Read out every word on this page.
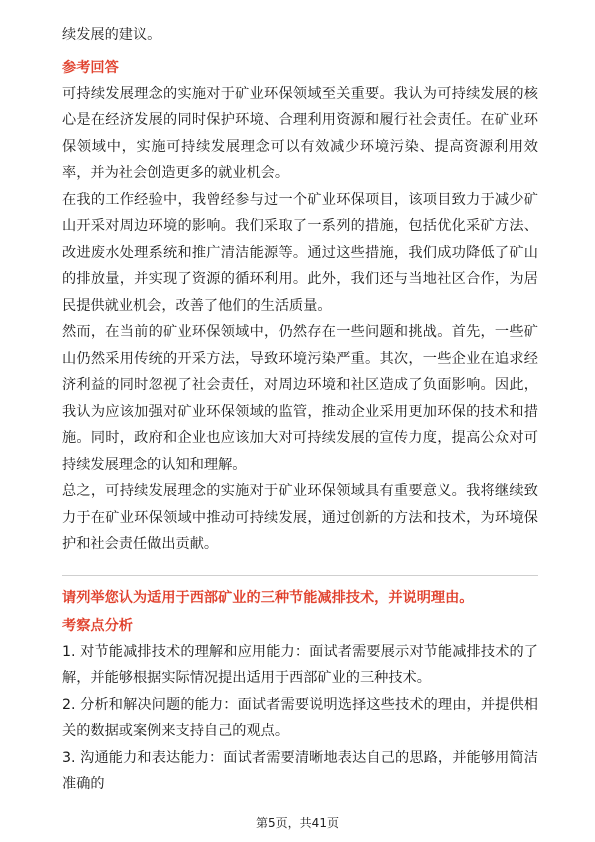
续发展的建议。

参考回答

可持续发展理念的实施对于矿业环保领域至关重要。我认为可持续发展的核心是在经济发展的同时保护环境、合理利用资源和履行社会责任。在矿业环保领域中，实施可持续发展理念可以有效减少环境污染、提高资源利用效率，并为社会创造更多的就业机会。

在我的工作经验中，我曾经参与过一个矿业环保项目，该项目致力于减少矿山开采对周边环境的影响。我们采取了一系列的措施，包括优化采矿方法、改进废水处理系统和推广清洁能源等。通过这些措施，我们成功降低了矿山的排放量，并实现了资源的循环利用。此外，我们还与当地社区合作，为居民提供就业机会，改善了他们的生活质量。

然而，在当前的矿业环保领域中，仍然存在一些问题和挑战。首先，一些矿山仍然采用传统的开采方法，导致环境污染严重。其次，一些企业在追求经济利益的同时忽视了社会责任，对周边环境和社区造成了负面影响。因此，我认为应该加强对矿业环保领域的监管，推动企业采用更加环保的技术和措施。同时，政府和企业也应该加大对可持续发展的宣传力度，提高公众对可持续发展理念的认知和理解。

总之，可持续发展理念的实施对于矿业环保领域具有重要意义。我将继续致力于在矿业环保领域中推动可持续发展，通过创新的方法和技术，为环境保护和社会责任做出贡献。

请列举您认为适用于西部矿业的三种节能减排技术，并说明理由。
考察点分析

1. 对节能减排技术的理解和应用能力：面试者需要展示对节能减排技术的了解，并能够根据实际情况提出适用于西部矿业的三种技术。

2. 分析和解决问题的能力：面试者需要说明选择这些技术的理由，并提供相关的数据或案例来支持自己的观点。

3. 沟通能力和表达能力：面试者需要清晰地表达自己的思路，并能够用简洁准确的

第5页，共41页
